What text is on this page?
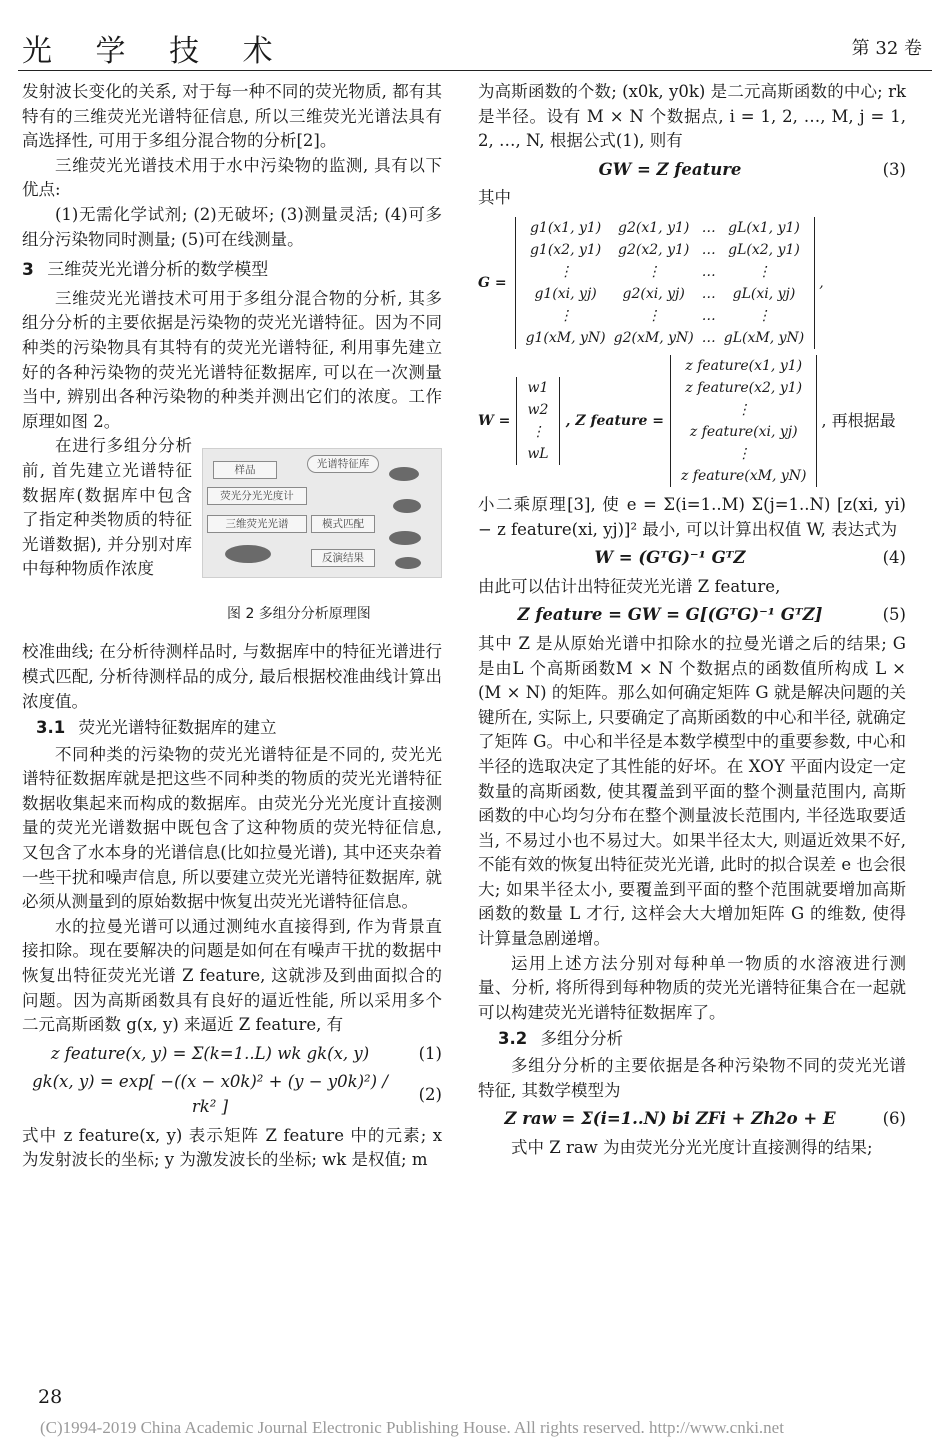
光 学 技 术	第 32 卷

发射波长变化的关系, 对于每一种不同的荧光物质, 都有其特有的三维荧光光谱特征信息, 所以三维荧光光谱法具有高选择性, 可用于多组分混合物的分析[2]。

三维荧光光谱技术用于水中污染物的监测, 具有以下优点:

(1)无需化学试剂; (2)无破坏; (3)测量灵活; (4)可多组分污染物同时测量; (5)可在线测量。

3 三维荧光光谱分析的数学模型

三维荧光光谱技术可用于多组分混合物的分析, 其多组分分析的主要依据是污染物的荧光光谱特征。因为不同种类的污染物具有其特有的荧光光谱特征, 利用事先建立好的各种污染物的荧光光谱特征数据库, 可以在一次测量当中, 辨别出各种污染物的种类并测出它们的浓度。工作原理如图 2。

在进行多组分分析前, 首先建立光谱特征数据库(数据库中包含了指定种类物质的特征光谱数据), 并分别对库中每种物质作浓度

样品
荧光分光光度计
光谱特征库
三维荧光光谱	模式匹配
反演结果
图 2 多组分分析原理图

校准曲线; 在分析待测样品时, 与数据库中的特征光谱进行模式匹配, 分析待测样品的成分, 最后根据校准曲线计算出浓度值。

3.1 荧光光谱特征数据库的建立

不同种类的污染物的荧光光谱特征是不同的, 荧光光谱特征数据库就是把这些不同种类的物质的荧光光谱特征数据收集起来而构成的数据库。由荧光分光光度计直接测量的荧光光谱数据中既包含了这种物质的荧光特征信息, 又包含了水本身的光谱信息(比如拉曼光谱), 其中还夹杂着一些干扰和噪声信息, 所以要建立荧光光谱特征数据库, 就必须从测量到的原始数据中恢复出荧光光谱特征信息。

水的拉曼光谱可以通过测纯水直接得到, 作为背景直接扣除。现在要解决的问题是如何在有噪声干扰的数据中恢复出特征荧光光谱 Z feature, 这就涉及到曲面拟合的问题。因为高斯函数具有良好的逼近性能, 所以采用多个二元高斯函数 g(x, y) 来逼近 Z feature, 有

z feature(x, y) = Σ(k=1..L) wk gk(x, y)	(1)
gk(x, y) = exp[ −((x − x0k)² + (y − y0k)²) / rk² ]
(2)

式中 z feature(x, y) 表示矩阵 Z feature 中的元素; x 为发射波长的坐标; y 为激发波长的坐标; wk 是权值; m

为高斯函数的个数; (x0k, y0k) 是二元高斯函数的中心; rk 是半径。设有 M × N 个数据点, i = 1, 2, …, M, j = 1, 2, …, N, 根据公式(1), 则有

GW = Z feature	(3)

其中

G =
g1(x1, y1)	g2(x1, y1)	…	gL(x1, y1)
g1(x2, y1)	g2(x2, y1)	…	gL(x2, y1)
⋮	⋮	…	⋮
g1(xi, yj)	g2(xi, yj)	…	gL(xi, yj)
⋮	⋮	…	⋮
g1(xM, yN)	g2(xM, yN)	…	gL(xM, yN)
,
W =
w1
w2
⋮
wL
, Z feature =
z feature(x1, y1)
z feature(x2, y1)
⋮
z feature(xi, yj)
⋮
z feature(xM, yN)
, 再根据最

小二乘原理[3], 使 e = Σ(i=1..M) Σ(j=1..N) [z(xi, yi) − z feature(xi, yj)]² 最小, 可以计算出权值 W, 表达式为

W = (GᵀG)⁻¹ GᵀZ	(4)

由此可以估计出特征荧光光谱 Z feature,

Z feature = GW = G[(GᵀG)⁻¹ GᵀZ]	(5)

其中 Z 是从原始光谱中扣除水的拉曼光谱之后的结果; G 是由L 个高斯函数M × N 个数据点的函数值所构成 L × (M × N) 的矩阵。那么如何确定矩阵 G 就是解决问题的关键所在, 实际上, 只要确定了高斯函数的中心和半径, 就确定了矩阵 G。中心和半径是本数学模型中的重要参数, 中心和半径的选取决定了其性能的好坏。在 XOY 平面内设定一定数量的高斯函数, 使其覆盖到平面的整个测量范围内, 高斯函数的中心均匀分布在整个测量波长范围内, 半径选取要适当, 不易过小也不易过大。如果半径太大, 则逼近效果不好, 不能有效的恢复出特征荧光光谱, 此时的拟合误差 e 也会很大; 如果半径太小, 要覆盖到平面的整个范围就要增加高斯函数的数量 L 才行, 这样会大大增加矩阵 G 的维数, 使得计算量急剧递增。

运用上述方法分别对每种单一物质的水溶液进行测量、分析, 将所得到每种物质的荧光光谱特征集合在一起就可以构建荧光光谱特征数据库了。

3.2 多组分分析

多组分分析的主要依据是各种污染物不同的荧光光谱特征, 其数学模型为

Z raw = Σ(i=1..N) bi ZFi + Zh2o + E	(6)

式中 Z raw 为由荧光分光光度计直接测得的结果;

28
(C)1994-2019 China Academic Journal Electronic Publishing House. All rights reserved. http://www.cnki.net
